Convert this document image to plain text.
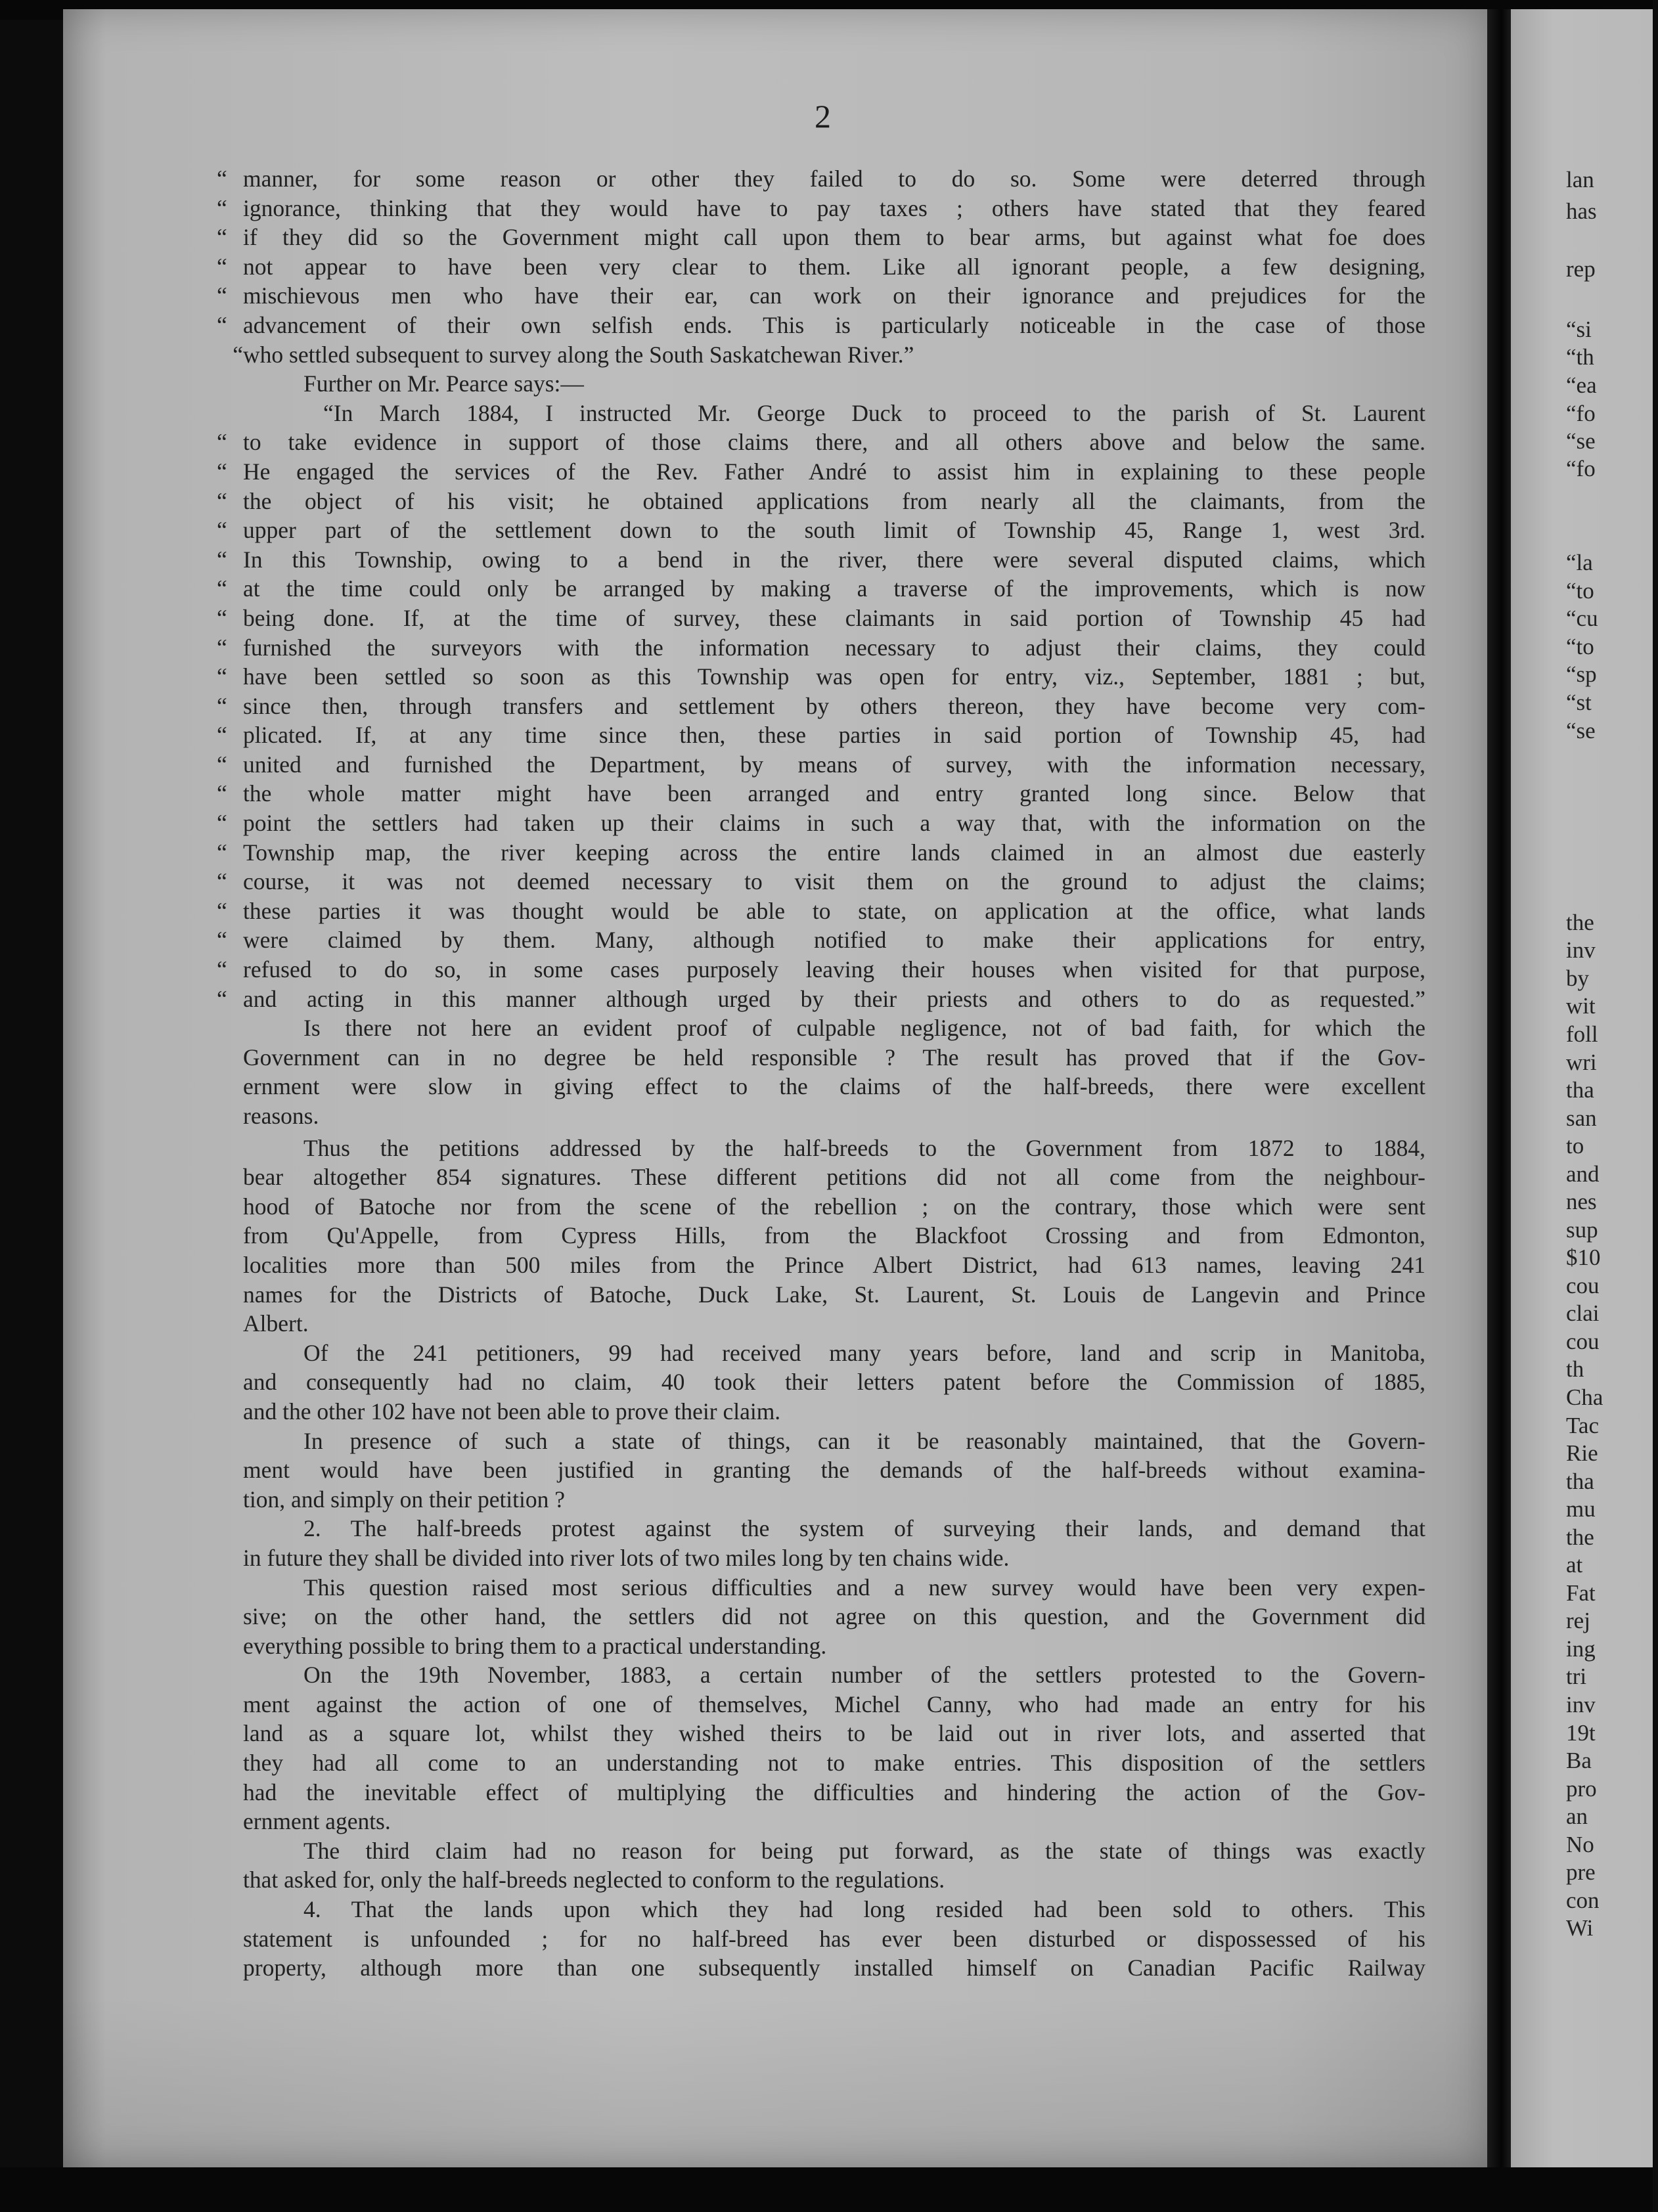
2
“ manner, for some reason or other they failed to do so. Some were deterred through
“ ignorance, thinking that they would have to pay taxes ; others have stated that they feared
“ if they did so the Government might call upon them to bear arms, but against what foe does
“ not appear to have been very clear to them. Like all ignorant people, a few designing,
“ mischievous men who have their ear, can work on their ignorance and prejudices for the
“ advancement of their own selfish ends. This is particularly noticeable in the case of those
“who settled subsequent to survey along the South Saskatchewan River.”
Further on Mr. Pearce says:—
“In March 1884, I instructed Mr. George Duck to proceed to the parish of St. Laurent
“ to take evidence in support of those claims there, and all others above and below the same.
“ He engaged the services of the Rev. Father André to assist him in explaining to these people
“ the object of his visit; he obtained applications from nearly all the claimants, from the
“ upper part of the settlement down to the south limit of Township 45, Range 1, west 3rd.
“ In this Township, owing to a bend in the river, there were several disputed claims, which
“ at the time could only be arranged by making a traverse of the improvements, which is now
“ being done. If, at the time of survey, these claimants in said portion of Township 45 had
“ furnished the surveyors with the information necessary to adjust their claims, they could
“ have been settled so soon as this Township was open for entry, viz., September, 1881 ; but,
“ since then, through transfers and settlement by others thereon, they have become very com-
“ plicated. If, at any time since then, these parties in said portion of Township 45, had
“ united and furnished the Department, by means of survey, with the information necessary,
“ the whole matter might have been arranged and entry granted long since. Below that
“ point the settlers had taken up their claims in such a way that, with the information on the
“ Township map, the river keeping across the entire lands claimed in an almost due easterly
“ course, it was not deemed necessary to visit them on the ground to adjust the claims;
“ these parties it was thought would be able to state, on application at the office, what lands
“ were claimed by them. Many, although notified to make their applications for entry,
“ refused to do so, in some cases purposely leaving their houses when visited for that purpose,
“ and acting in this manner although urged by their priests and others to do as requested.”
Is there not here an evident proof of culpable negligence, not of bad faith, for which the
Government can in no degree be held responsible ? The result has proved that if the Gov-
ernment were slow in giving effect to the claims of the half-breeds, there were excellent
reasons.
Thus the petitions addressed by the half-breeds to the Government from 1872 to 1884,
bear altogether 854 signatures. These different petitions did not all come from the neighbour-
hood of Batoche nor from the scene of the rebellion ; on the contrary, those which were sent
from Qu'Appelle, from Cypress Hills, from the Blackfoot Crossing and from Edmonton,
localities more than 500 miles from the Prince Albert District, had 613 names, leaving 241
names for the Districts of Batoche, Duck Lake, St. Laurent, St. Louis de Langevin and Prince
Albert.
Of the 241 petitioners, 99 had received many years before, land and scrip in Manitoba,
and consequently had no claim, 40 took their letters patent before the Commission of 1885,
and the other 102 have not been able to prove their claim.
In presence of such a state of things, can it be reasonably maintained, that the Govern-
ment would have been justified in granting the demands of the half-breeds without examina-
tion, and simply on their petition ?
2. The half-breeds protest against the system of surveying their lands, and demand that
in future they shall be divided into river lots of two miles long by ten chains wide.
This question raised most serious difficulties and a new survey would have been very expen-
sive; on the other hand, the settlers did not agree on this question, and the Government did
everything possible to bring them to a practical understanding.
On the 19th November, 1883, a certain number of the settlers protested to the Govern-
ment against the action of one of themselves, Michel Canny, who had made an entry for his
land as a square lot, whilst they wished theirs to be laid out in river lots, and asserted that
they had all come to an understanding not to make entries. This disposition of the settlers
had the inevitable effect of multiplying the difficulties and hindering the action of the Gov-
ernment agents.
The third claim had no reason for being put forward, as the state of things was exactly
that asked for, only the half-breeds neglected to conform to the regulations.
4. That the lands upon which they had long resided had been sold to others. This
statement is unfounded ; for no half-breed has ever been disturbed or dispossessed of his
property, although more than one subsequently installed himself on Canadian Pacific Railway
lan
has
rep
“si
“th
“ea
“fo
“se
“fo
“la
“to
“cu
“to
“sp
“st
“se
the
inv
by
wit
foll
wri
tha
san
to
and
nes
sup
$10
cou
clai
cou
th
Cha
Tac
Rie
tha
mu
the
at
Fat
rej
ing
tri
inv
19t
Ba
pro
an
No
pre
con
Wi
